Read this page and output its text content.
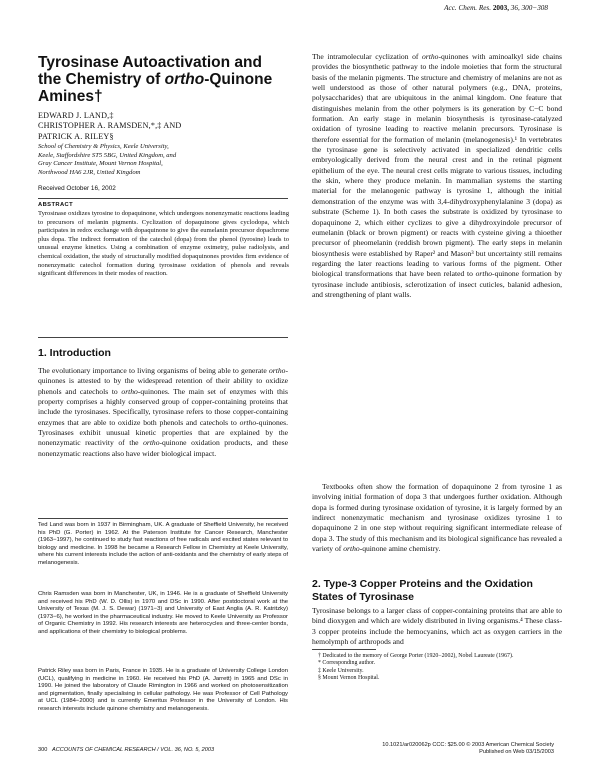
Acc. Chem. Res. 2003, 36, 300−308
Tyrosinase Autoactivation and
the Chemistry of ortho-Quinone
Amines†
EDWARD J. LAND,‡
CHRISTOPHER A. RAMSDEN,*,‡ AND
PATRICK A. RILEY§
School of Chemistry & Physics, Keele University,
Keele, Staffordshire ST5 5BG, United Kingdom, and
Gray Cancer Institute, Mount Vernon Hospital,
Northwood HA6 2JR, United Kingdom
Received October 16, 2002
ABSTRACT

Tyrosinase oxidizes tyrosine to dopaquinone, which undergoes nonenzymatic reactions leading to precursors of melanin pigments. Cyclization of dopaquinone gives cyclodopa, which participates in redox exchange with dopaquinone to give the eumelanin precursor dopachrome plus dopa. The indirect formation of the catechol (dopa) from the phenol (tyrosine) leads to unusual enzyme kinetics. Using a combination of enzyme oximetry, pulse radiolysis, and chemical oxidation, the study of structurally modified dopaquinones provides firm evidence of nonenzymatic catechol formation during tyrosinase oxidation of phenols and reveals significant differences in their modes of reaction.

1. Introduction

The evolutionary importance to living organisms of being able to generate ortho-quinones is attested to by the widespread retention of their ability to oxidize phenols and catechols to ortho-quinones. The main set of enzymes with this property comprises a highly conserved group of copper-containing proteins that include the tyrosinases. Specifically, tyrosinase refers to those copper-containing enzymes that are able to oxidize both phenols and catechols to ortho-quinones. Tyrosinases exhibit unusual kinetic properties that are explained by the nonenzymatic reactivity of the ortho-quinone oxidation products, and these nonenzymatic reactions also have wider biological impact.

Ted Land was born in 1937 in Birmingham, UK. A graduate of Sheffield University, he received his PhD (G. Porter) in 1962. At the Paterson Institute for Cancer Research, Manchester (1963−1997), he continued to study fast reactions of free radicals and excited states relevant to biology and medicine. In 1998 he became a Research Fellow in Chemistry at Keele University, where his current interests include the action of anti-oxidants and the chemistry of early steps of melanogenesis.

Chris Ramsden was born in Manchester, UK, in 1946. He is a graduate of Sheffield University and received his PhD (W. D. Ollis) in 1970 and DSc in 1990. After postdoctoral work at the University of Texas (M. J. S. Dewar) (1971−3) and University of East Anglia (A. R. Katritzky) (1973−6), he worked in the pharmaceutical industry. He moved to Keele University as Professor of Organic Chemistry in 1992. His research interests are heterocycles and three-center bonds, and applications of their chemistry to biological problems.

Patrick Riley was born in Paris, France in 1935. He is a graduate of University College London (UCL), qualifying in medicine in 1960. He received his PhD (A. Jarrett) in 1965 and DSc in 1990. He joined the laboratory of Claude Rimington in 1966 and worked on photosensitization and pigmentation, finally specialising in cellular pathology. He was Professor of Cell Pathology at UCL (1984−2000) and is currently Emeritus Professor in the University of London. His research interests include quinone chemistry and melanogenesis.

The intramolecular cyclization of ortho-quinones with aminoalkyl side chains provides the biosynthetic pathway to the indole moieties that form the structural basis of the melanin pigments. The structure and chemistry of melanins are not as well understood as those of other natural polymers (e.g., DNA, proteins, polysaccharides) that are ubiquitous in the animal kingdom. One feature that distinguishes melanin from the other polymers is its generation by C−C bond formation. An early stage in melanin biosynthesis is tyrosinase-catalyzed oxidation of tyrosine leading to reactive melanin precursors. Tyrosinase is therefore essential for the formation of melanin (melanogenesis).¹ In vertebrates the tyrosinase gene is selectively activated in specialized dendritic cells embryologically derived from the neural crest and in the retinal pigment epithelium of the eye. The neural crest cells migrate to various tissues, including the skin, where they produce melanin. In mammalian systems the starting material for the melanogenic pathway is tyrosine 1, although the initial demonstration of the enzyme was with 3,4-dihydroxyphenylalanine 3 (dopa) as substrate (Scheme 1). In both cases the substrate is oxidized by tyrosinase to dopaquinone 2, which either cyclizes to give a dihydroxyindole precursor of eumelanin (black or brown pigment) or reacts with cysteine giving a thioether precursor of pheomelanin (reddish brown pigment). The early steps in melanin biosynthesis were established by Raper² and Mason³ but uncertainty still remains regarding the later reactions leading to various forms of the pigment. Other biological transformations that have been related to ortho-quinone formation by tyrosinase include antibiosis, sclerotization of insect cuticles, balanid adhesion, and strengthening of plant walls.

Textbooks often show the formation of dopaquinone 2 from tyrosine 1 as involving initial formation of dopa 3 that undergoes further oxidation. Although dopa is formed during tyrosinase oxidation of tyrosine, it is largely formed by an indirect nonenzymatic mechanism and tyrosinase oxidizes tyrosine 1 to dopaquinone 2 in one step without requiring significant intermediate release of dopa 3. The study of this mechanism and its biological significance has revealed a variety of ortho-quinone amine chemistry.

2. Type-3 Copper Proteins and the Oxidation
States of Tyrosinase

Tyrosinase belongs to a larger class of copper-containing proteins that are able to bind dioxygen and which are widely distributed in living organisms.⁴ These class-3 copper proteins include the hemocyanins, which act as oxygen carriers in the hemolymph of arthropods and

† Dedicated to the memory of George Porter (1920−2002), Nobel Laureate (1967).
* Corresponding author.
‡ Keele University.
§ Mount Vernon Hospital.
300 ACCOUNTS OF CHEMICAL RESEARCH / VOL. 36, NO. 5, 2003
10.1021/ar020062p CCC: $25.00 © 2003 American Chemical Society
Published on Web 03/15/2003
